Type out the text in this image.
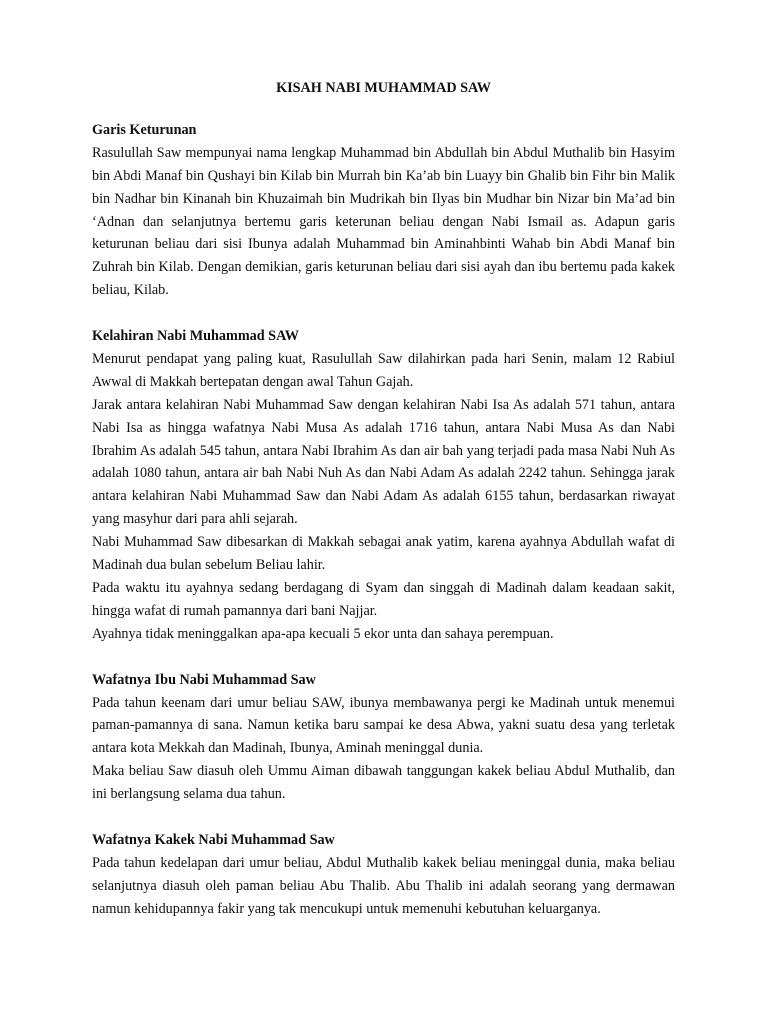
KISAH NABI MUHAMMAD SAW
Garis Keturunan

Rasulullah Saw mempunyai nama lengkap Muhammad bin Abdullah bin Abdul Muthalib bin Hasyim bin Abdi Manaf bin Qushayi bin Kilab bin Murrah bin Ka’ab bin Luayy bin Ghalib bin Fihr bin Malik bin Nadhar bin Kinanah bin Khuzaimah bin Mudrikah bin Ilyas bin Mudhar bin Nizar bin Ma’ad bin ‘Adnan dan selanjutnya bertemu garis keterunan beliau dengan Nabi Ismail as. Adapun garis keturunan beliau dari sisi Ibunya adalah Muhammad bin Aminahbinti Wahab bin Abdi Manaf bin Zuhrah bin Kilab. Dengan demikian, garis keturunan beliau dari sisi ayah dan ibu bertemu pada kakek beliau, Kilab.

Kelahiran Nabi Muhammad SAW

Menurut pendapat yang paling kuat, Rasulullah Saw dilahirkan pada hari Senin, malam 12 Rabiul Awwal di Makkah bertepatan dengan awal Tahun Gajah.

Jarak antara kelahiran Nabi Muhammad Saw dengan kelahiran Nabi Isa As adalah 571 tahun, antara Nabi Isa as hingga wafatnya Nabi Musa As adalah 1716 tahun, antara Nabi Musa As dan Nabi Ibrahim As adalah 545 tahun, antara Nabi Ibrahim As dan air bah yang terjadi pada masa Nabi Nuh As adalah 1080 tahun, antara air bah Nabi Nuh As dan Nabi Adam As adalah 2242 tahun. Sehingga jarak antara kelahiran Nabi Muhammad Saw dan Nabi Adam As adalah 6155 tahun, berdasarkan riwayat yang masyhur dari para ahli sejarah.

Nabi Muhammad Saw dibesarkan di Makkah sebagai anak yatim, karena ayahnya Abdullah wafat di Madinah dua bulan sebelum Beliau lahir.

Pada waktu itu ayahnya sedang berdagang di Syam dan singgah di Madinah dalam keadaan sakit, hingga wafat di rumah pamannya dari bani Najjar.

Ayahnya tidak meninggalkan apa-apa kecuali 5 ekor unta dan sahaya perempuan.

Wafatnya Ibu Nabi Muhammad Saw

Pada tahun keenam dari umur beliau SAW, ibunya membawanya pergi ke Madinah untuk menemui paman-pamannya di sana. Namun ketika baru sampai ke desa Abwa, yakni suatu desa yang terletak antara kota Mekkah dan Madinah, Ibunya, Aminah meninggal dunia.

Maka beliau Saw diasuh oleh Ummu Aiman dibawah tanggungan kakek beliau Abdul Muthalib, dan ini berlangsung selama dua tahun.

Wafatnya Kakek Nabi Muhammad Saw

Pada tahun kedelapan dari umur beliau, Abdul Muthalib kakek beliau meninggal dunia, maka beliau selanjutnya diasuh oleh paman beliau Abu Thalib. Abu Thalib ini adalah seorang yang dermawan namun kehidupannya fakir yang tak mencukupi untuk memenuhi kebutuhan keluarganya.
